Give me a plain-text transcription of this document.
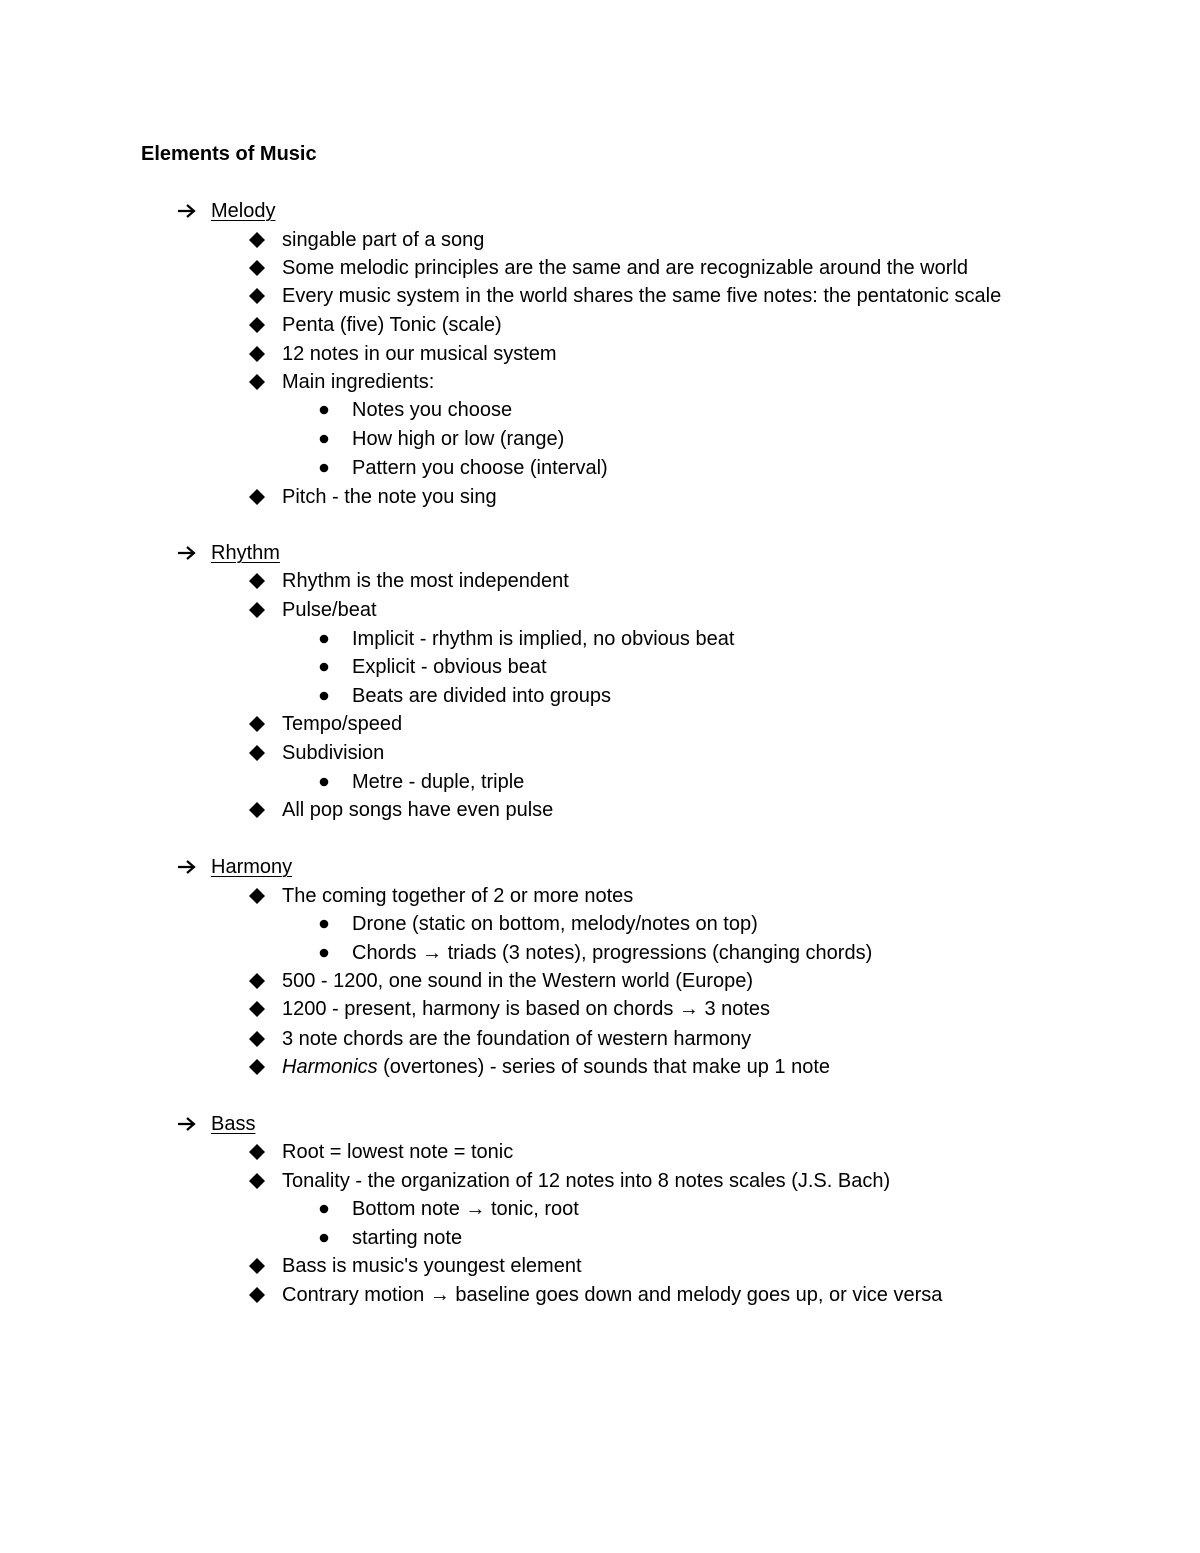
Elements of Music
Melody
singable part of a song
Some melodic principles are the same and are recognizable around the world
Every music system in the world shares the same five notes: the pentatonic scale
Penta (five) Tonic (scale)
12 notes in our musical system
Main ingredients:
Notes you choose
How high or low (range)
Pattern you choose (interval)
Pitch - the note you sing
Rhythm
Rhythm is the most independent
Pulse/beat
Implicit - rhythm is implied, no obvious beat
Explicit - obvious beat
Beats are divided into groups
Tempo/speed
Subdivision
Metre - duple, triple
All pop songs have even pulse
Harmony
The coming together of 2 or more notes
Drone (static on bottom, melody/notes on top)
Chords → triads (3 notes), progressions (changing chords)
500 - 1200, one sound in the Western world (Europe)
1200 - present, harmony is based on chords → 3 notes
3 note chords are the foundation of western harmony
Harmonics (overtones) - series of sounds that make up 1 note
Bass
Root = lowest note = tonic
Tonality - the organization of 12 notes into 8 notes scales (J.S. Bach)
Bottom note → tonic, root
starting note
Bass is music's youngest element
Contrary motion → baseline goes down and melody goes up, or vice versa
